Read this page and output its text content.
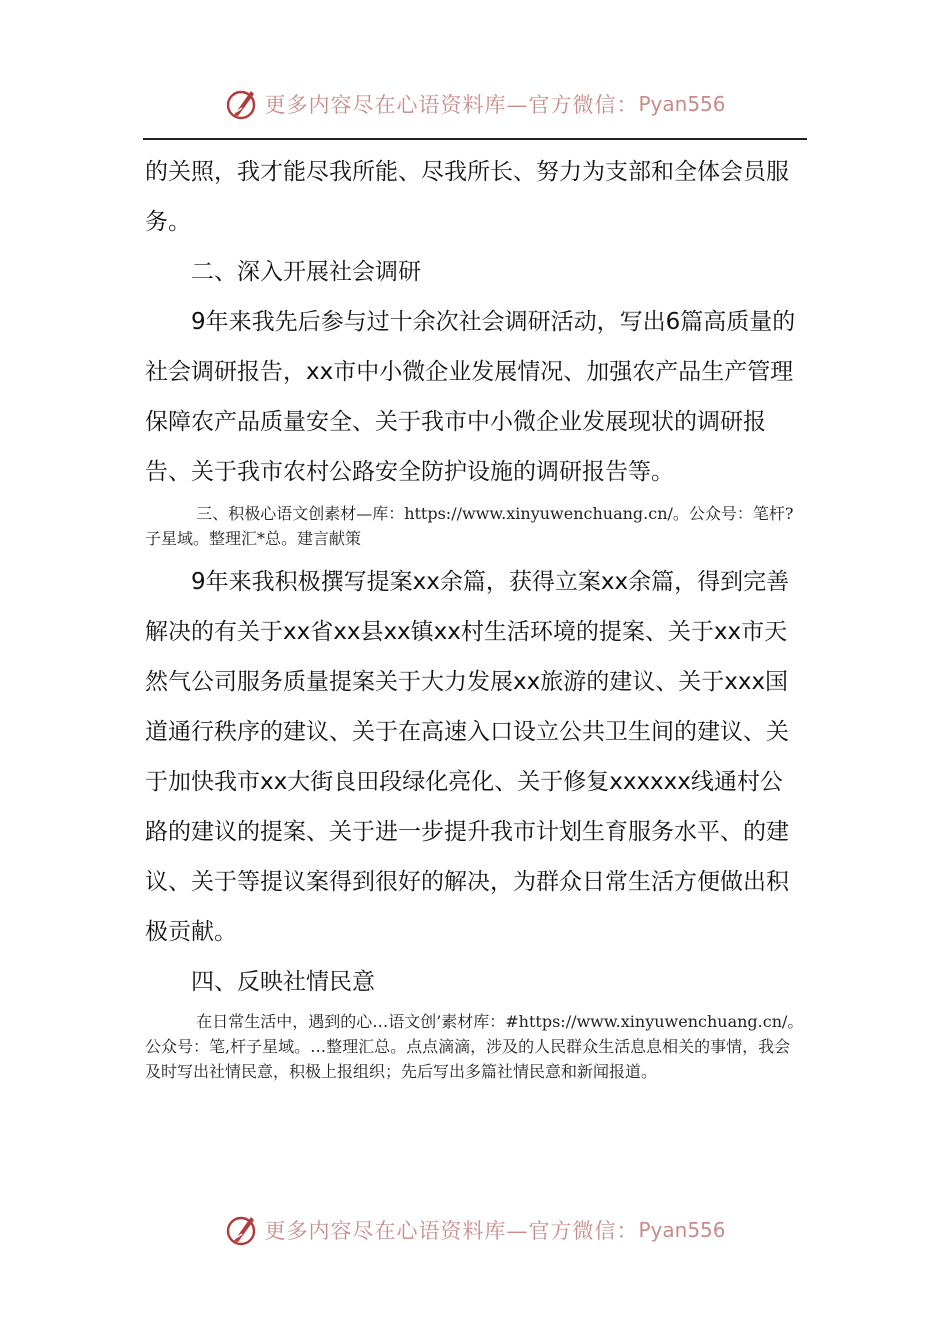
更多内容尽在心语资料库—官方微信： Pyan556

的关照，我才能尽我所能、尽我所长、努力为支部和全体会员服务。

二、深入开展社会调研

9年来我先后参与过十余次社会调研活动，写出6篇高质量的社会调研报告，xx市中小微企业发展情况、加强农产品生产管理保障农产品质量安全、关于我市中小微企业发展现状的调研报告、关于我市农村公路安全防护设施的调研报告等。

三、积极心语文创素材—库：https://www.xinyuwenchuang.cn/。公众号：笔杆?子星域。整理汇*总。建言献策

9年来我积极撰写提案xx余篇，获得立案xx余篇，得到完善解决的有关于xx省xx县xx镇xx村生活环境的提案、关于xx市天然气公司服务质量提案关于大力发展xx旅游的建议、关于xxx国道通行秩序的建议、关于在高速入口设立公共卫生间的建议、关于加快我市xx大街良田段绿化亮化、关于修复xxxxxx线通村公路的建议的提案、关于进一步提升我市计划生育服务水平、的建议、关于等提议案得到很好的解决，为群众日常生活方便做出积极贡献。

四、反映社情民意

在日常生活中，遇到的心…语文创’素材库：#https://www.xinyuwenchuang.cn/。公众号：笔,杆子星域。…整理汇总。点点滴滴，涉及的人民群众生活息息相关的事情，我会及时写出社情民意，积极上报组织；先后写出多篇社情民意和新闻报道。

更多内容尽在心语资料库—官方微信： Pyan556
